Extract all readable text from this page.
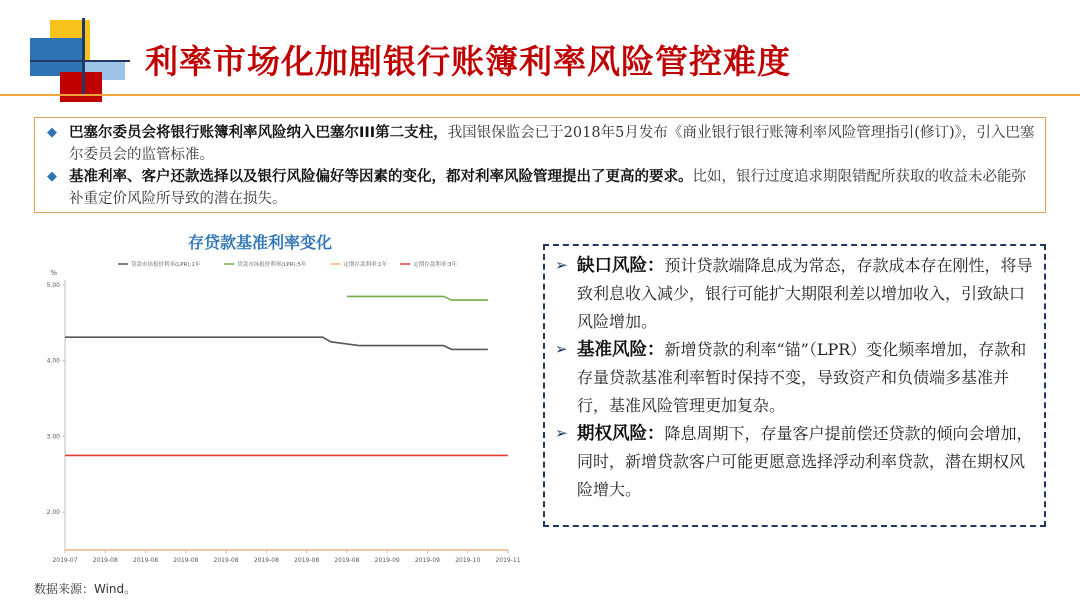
利率市场化加剧银行账簿利率风险管控难度
◆ 巴塞尔委员会将银行账簿利率风险纳入巴塞尔III第二支柱，我国银保监会已于2018年5月发布《商业银行银行账簿利率风险管理指引(修订)》，引入巴塞尔委员会的监管标准。
◆ 基准利率、客户还款选择以及银行风险偏好等因素的变化，都对利率风险管理提出了更高的要求。比如，银行过度追求期限错配所获取的收益未必能弥补重定价风险所导致的潜在损失。
存贷款基准利率变化
%
2.00
3.00
4.00
5.00
2019-07	2019-08	2019-08	2019-08	2019-08	2019-08	2019-08	2019-08	2019-09	2019-09	2019-10	2019-11
贷款市场报价利率(LPR):1年	贷款市场报价利率(LPR):5年	定期存款利率:1年	定期存款利率:3年
数据来源：Wind。
➢ 缺口风险：预计贷款端降息成为常态，存款成本存在刚性，将导致利息收入减少，银行可能扩大期限利差以增加收入，引致缺口风险增加。
➢ 基准风险：新增贷款的利率“锚”（LPR）变化频率增加，存款和存量贷款基准利率暂时保持不变，导致资产和负债端多基准并行，基准风险管理更加复杂。
➢ 期权风险：降息周期下，存量客户提前偿还贷款的倾向会增加，同时，新增贷款客户可能更愿意选择浮动利率贷款，潜在期权风险增大。
